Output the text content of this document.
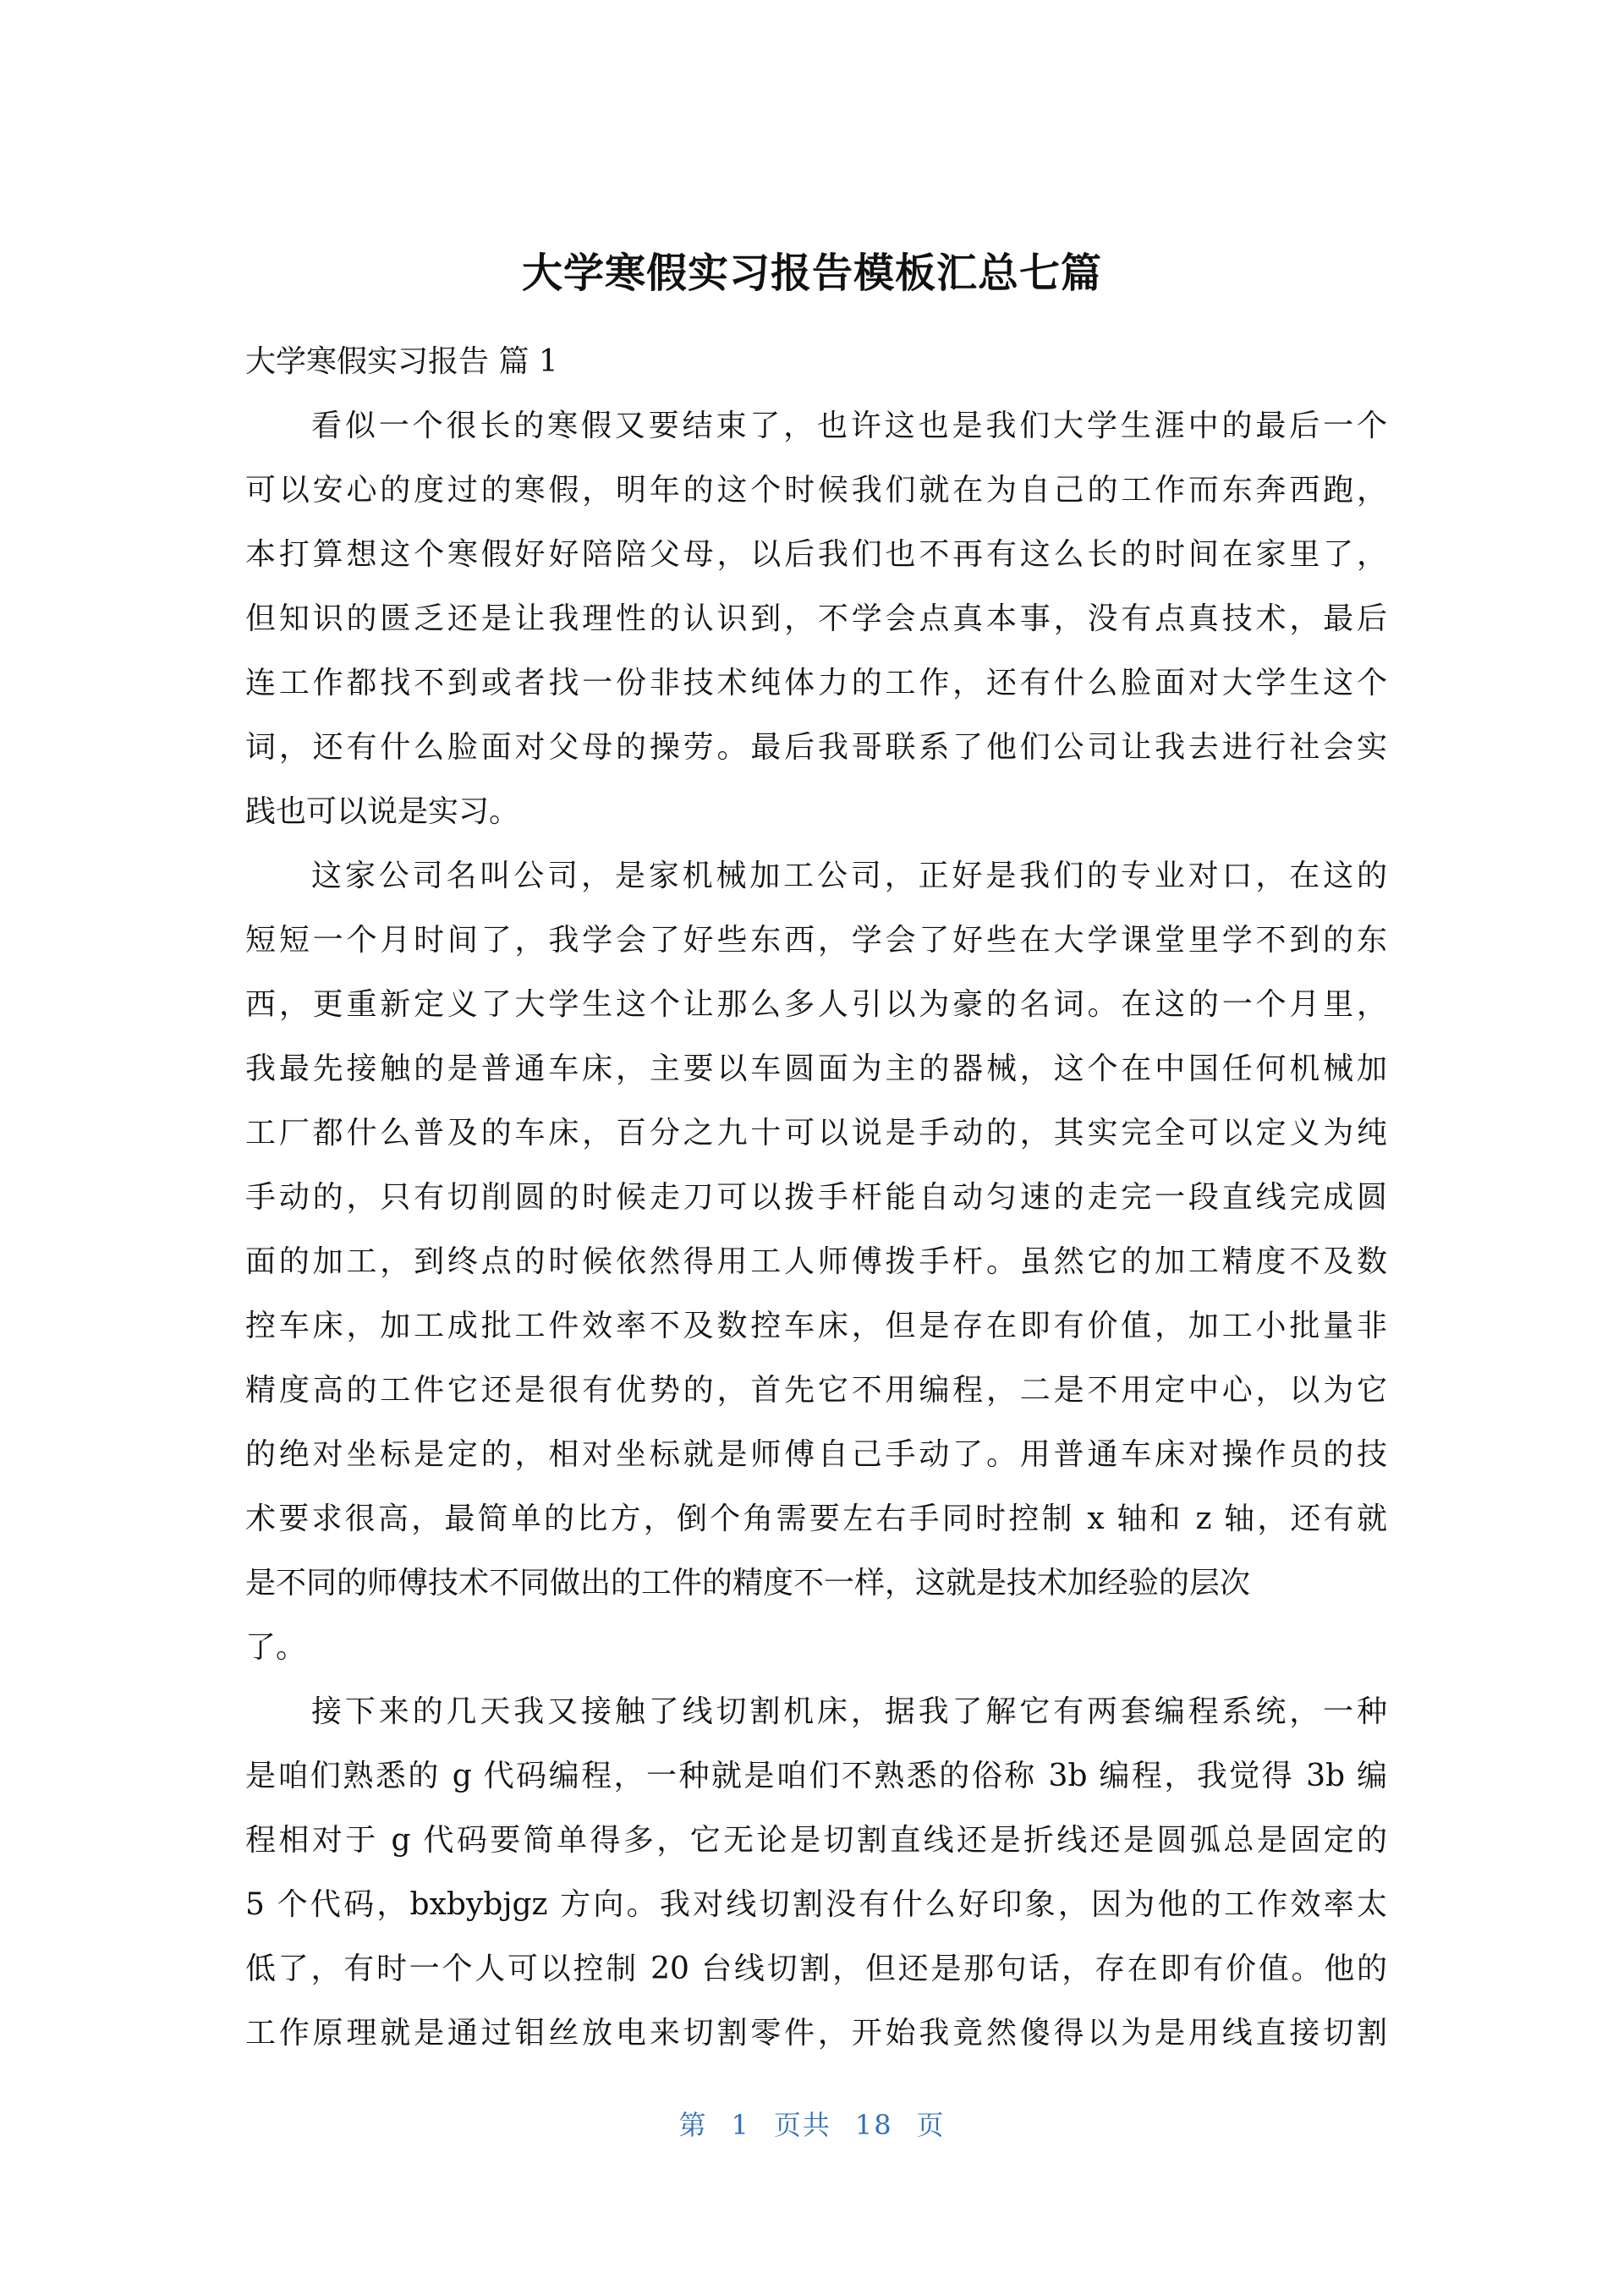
大学寒假实习报告模板汇总七篇

大学寒假实习报告 篇 1

看似一个很长的寒假又要结束了，也许这也是我们大学生涯中的最后一个
可以安心的度过的寒假，明年的这个时候我们就在为自己的工作而东奔西跑，
本打算想这个寒假好好陪陪父母，以后我们也不再有这么长的时间在家里了，
但知识的匮乏还是让我理性的认识到，不学会点真本事，没有点真技术，最后
连工作都找不到或者找一份非技术纯体力的工作，还有什么脸面对大学生这个
词，还有什么脸面对父母的操劳。最后我哥联系了他们公司让我去进行社会实
践也可以说是实习。
这家公司名叫公司，是家机械加工公司，正好是我们的专业对口，在这的
短短一个月时间了，我学会了好些东西，学会了好些在大学课堂里学不到的东
西，更重新定义了大学生这个让那么多人引以为豪的名词。在这的一个月里，
我最先接触的是普通车床，主要以车圆面为主的器械，这个在中国任何机械加
工厂都什么普及的车床，百分之九十可以说是手动的，其实完全可以定义为纯
手动的，只有切削圆的时候走刀可以拨手杆能自动匀速的走完一段直线完成圆
面的加工，到终点的时候依然得用工人师傅拨手杆。虽然它的加工精度不及数
控车床，加工成批工件效率不及数控车床，但是存在即有价值，加工小批量非
精度高的工件它还是很有优势的，首先它不用编程，二是不用定中心，以为它
的绝对坐标是定的，相对坐标就是师傅自己手动了。用普通车床对操作员的技
术要求很高，最简单的比方，倒个角需要左右手同时控制 x 轴和 z 轴，还有就
是不同的师傅技术不同做出的工件的精度不一样，这就是技术加经验的层次
了。
接下来的几天我又接触了线切割机床，据我了解它有两套编程系统，一种
是咱们熟悉的 g 代码编程，一种就是咱们不熟悉的俗称 3b 编程，我觉得 3b 编
程相对于 g 代码要简单得多，它无论是切割直线还是折线还是圆弧总是固定的
5 个代码，bxbybjgz 方向。我对线切割没有什么好印象，因为他的工作效率太
低了，有时一个人可以控制 20 台线切割，但还是那句话，存在即有价值。他的
工作原理就是通过钼丝放电来切割零件，开始我竟然傻得以为是用线直接切割
第 1 页共 18 页
